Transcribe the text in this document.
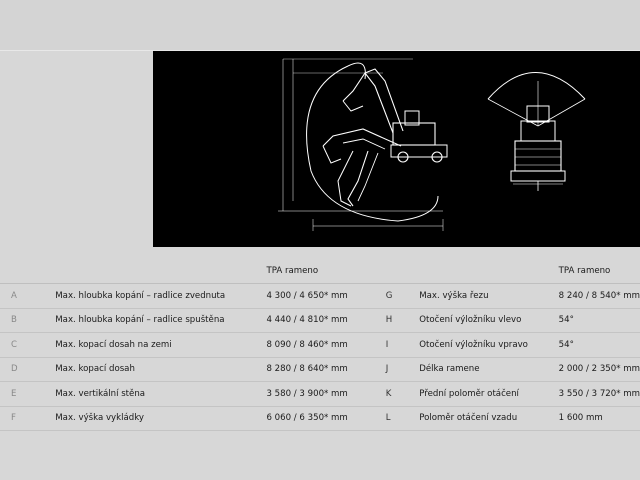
		TPA rameno			TPA rameno
A	Max. hloubka kopání – radlice zvednuta	4 300 / 4 650* mm	G	Max. výška řezu	8 240 / 8 540* mm
B	Max. hloubka kopání – radlice spuštěna	4 440 / 4 810* mm	H	Otočení výložníku vlevo	54°
C	Max. kopací dosah na zemi	8 090 / 8 460* mm	I	Otočení výložníku vpravo	54°
D	Max. kopací dosah	8 280 / 8 640* mm	J	Délka ramene	2 000 / 2 350* mm
E	Max. vertikální stěna	3 580 / 3 900* mm	K	Přední poloměr otáčení	3 550 / 3 720* mm
F	Max. výška vykládky	6 060 / 6 350* mm	L	Poloměr otáčení vzadu	1 600 mm
